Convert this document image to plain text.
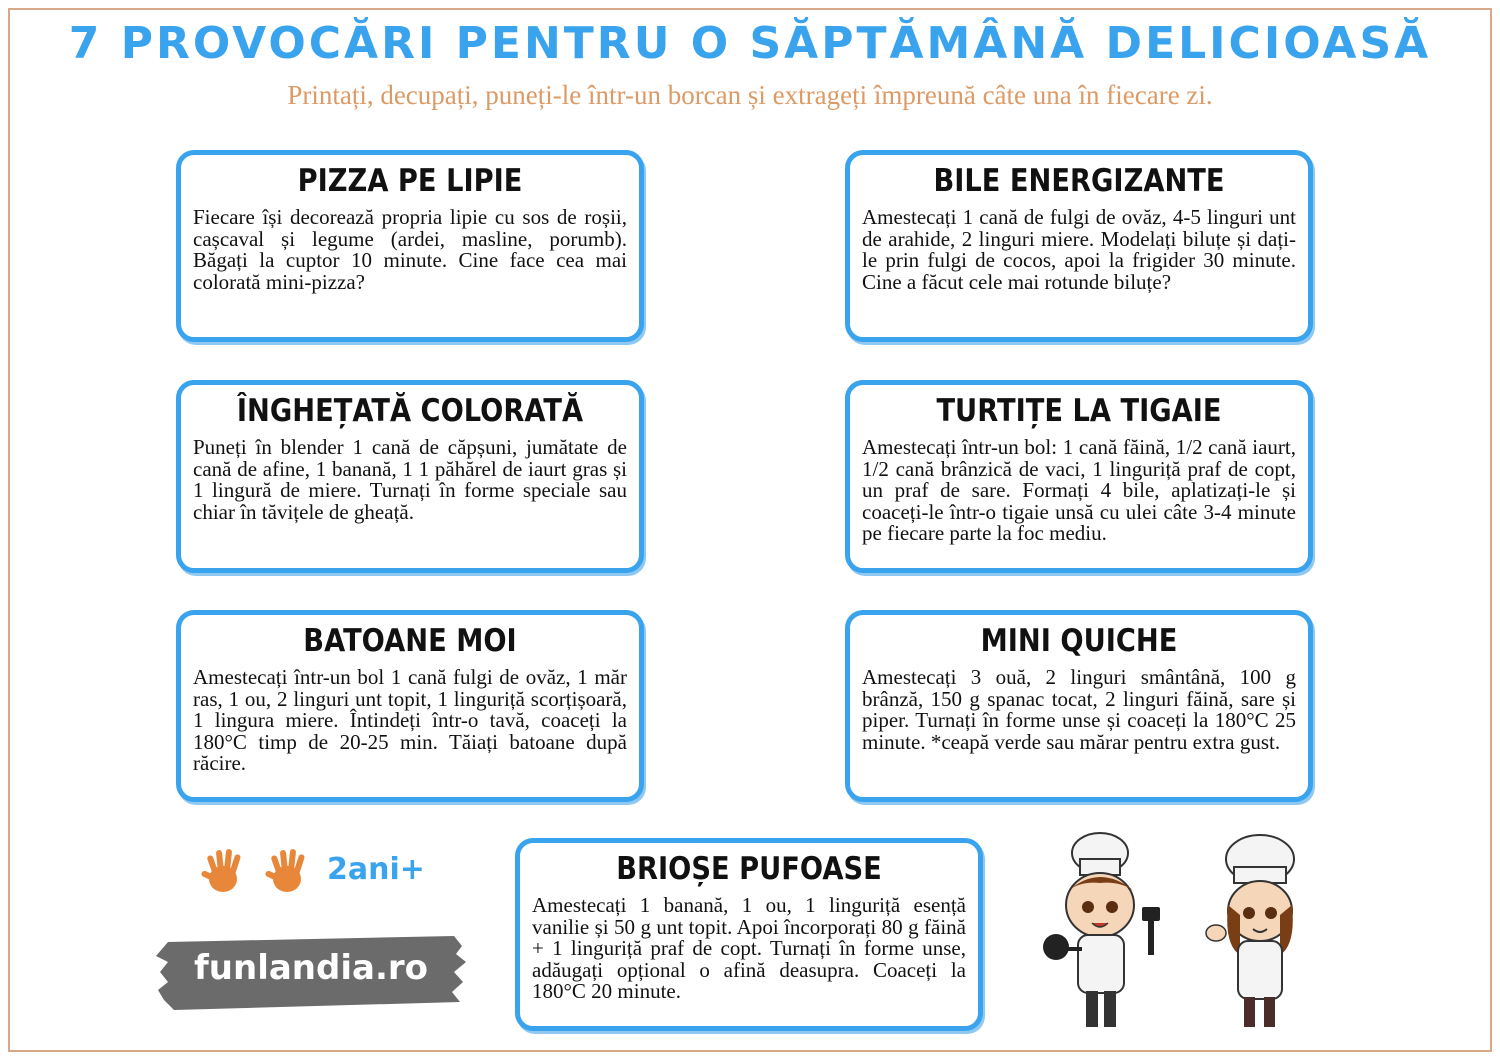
7 PROVOCĂRI PENTRU O SĂPTĂMÂNĂ DELICIOASĂ
Printați, decupați, puneți-le într-un borcan și extrageți împreună câte una în fiecare zi.
PIZZA PE LIPIE
Fiecare își decorează propria lipie cu sos de roșii, cașcaval și legume (ardei, masline, porumb). Băgați la cuptor 10 minute. Cine face cea mai colorată mini-pizza?
BILE ENERGIZANTE
Amestecați 1 cană de fulgi de ovăz, 4-5 linguri unt de arahide, 2 linguri miere. Modelați biluțe și dați-le prin fulgi de cocos, apoi la frigider 30 minute. Cine a făcut cele mai rotunde biluțe?
ÎNGHEȚATĂ COLORATĂ
Puneți în blender 1 cană de căpșuni, jumătate de cană de afine, 1 banană, 1 1 păhărel de iaurt gras și 1 lingură de miere. Turnați în forme speciale sau chiar în tăvițele de gheață.
TURTIȚE LA TIGAIE
Amestecați într-un bol: 1 cană făină, 1/2 cană iaurt, 1/2 cană brânzică de vaci, 1 linguriță praf de copt, un praf de sare. Formați 4 bile, aplatizați-le și coaceți-le într-o tigaie unsă cu ulei câte 3-4 minute pe fiecare parte la foc mediu.
BATOANE MOI
Amestecați într-un bol 1 cană fulgi de ovăz, 1 măr ras, 1 ou, 2 linguri unt topit, 1 linguriță scorțișoară, 1 lingura miere. Întindeți într-o tavă, coaceți la 180°C timp de 20-25 min. Tăiați batoane după răcire.
MINI QUICHE
Amestecați 3 ouă, 2 linguri smântână, 100 g brânză, 150 g spanac tocat, 2 linguri făină, sare și piper. Turnați în forme unse și coaceți la 180°C 25 minute. *ceapă verde sau mărar pentru extra gust.
BRIOȘE PUFOASE
Amestecați 1 banană, 1 ou, 1 linguriță esență vanilie și 50 g unt topit. Apoi încorporați 80 g făină + 1 linguriță praf de copt. Turnați în forme unse, adăugați opțional o afină deasupra. Coaceți la 180°C 20 minute.
2ani+
funlandia.ro
